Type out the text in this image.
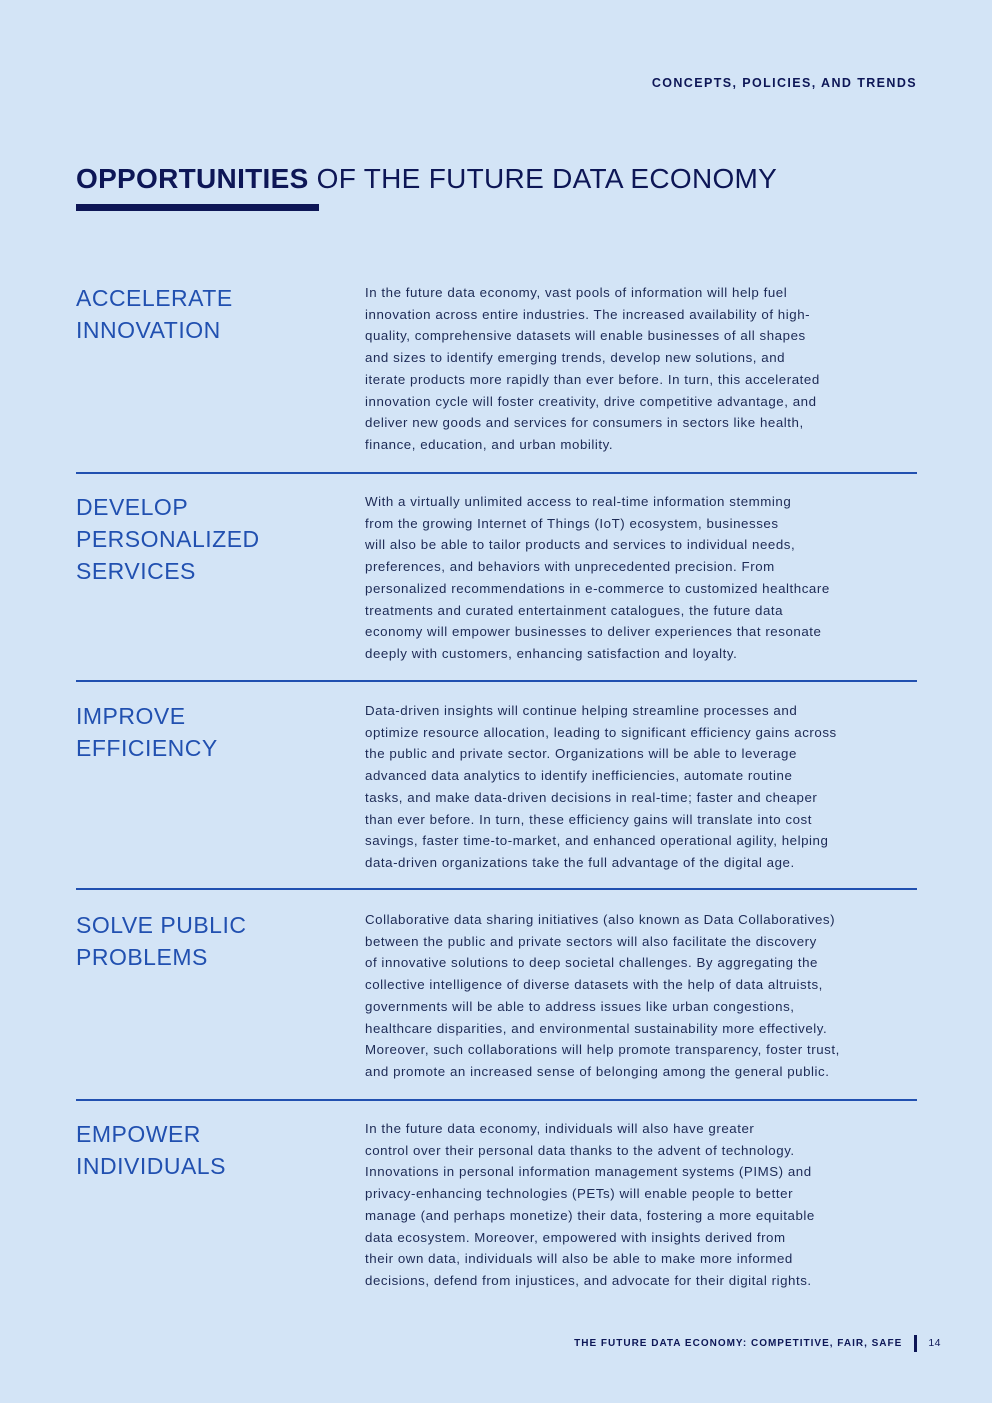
CONCEPTS, POLICIES, AND TRENDS
OPPORTUNITIES OF THE FUTURE DATA ECONOMY
ACCELERATE
INNOVATION
In the future data economy, vast pools of information will help fuel
innovation across entire industries. The increased availability of high-
quality, comprehensive datasets will enable businesses of all shapes
and sizes to identify emerging trends, develop new solutions, and
iterate products more rapidly than ever before. In turn, this accelerated
innovation cycle will foster creativity, drive competitive advantage, and
deliver new goods and services for consumers in sectors like health,
finance, education, and urban mobility.
DEVELOP
PERSONALIZED
SERVICES
With a virtually unlimited access to real-time information stemming
from the growing Internet of Things (IoT) ecosystem, businesses
will also be able to tailor products and services to individual needs,
preferences, and behaviors with unprecedented precision. From
personalized recommendations in e-commerce to customized healthcare
treatments and curated entertainment catalogues, the future data
economy will empower businesses to deliver experiences that resonate
deeply with customers, enhancing satisfaction and loyalty.
IMPROVE
EFFICIENCY
Data-driven insights will continue helping streamline processes and
optimize resource allocation, leading to significant efficiency gains across
the public and private sector. Organizations will be able to leverage
advanced data analytics to identify inefficiencies, automate routine
tasks, and make data-driven decisions in real-time; faster and cheaper
than ever before. In turn, these efficiency gains will translate into cost
savings, faster time-to-market, and enhanced operational agility, helping
data-driven organizations take the full advantage of the digital age.
SOLVE PUBLIC
PROBLEMS
Collaborative data sharing initiatives (also known as Data Collaboratives)
between the public and private sectors will also facilitate the discovery
of innovative solutions to deep societal challenges. By aggregating the
collective intelligence of diverse datasets with the help of data altruists,
governments will be able to address issues like urban congestions,
healthcare disparities, and environmental sustainability more effectively.
Moreover, such collaborations will help promote transparency, foster trust,
and promote an increased sense of belonging among the general public.
EMPOWER
INDIVIDUALS
In the future data economy, individuals will also have greater
control over their personal data thanks to the advent of technology.
Innovations in personal information management systems (PIMS) and
privacy-enhancing technologies (PETs) will enable people to better
manage (and perhaps monetize) their data, fostering a more equitable
data ecosystem. Moreover, empowered with insights derived from
their own data, individuals will also be able to make more informed
decisions, defend from injustices, and advocate for their digital rights.
THE FUTURE DATA ECONOMY: COMPETITIVE, FAIR, SAFE 14
